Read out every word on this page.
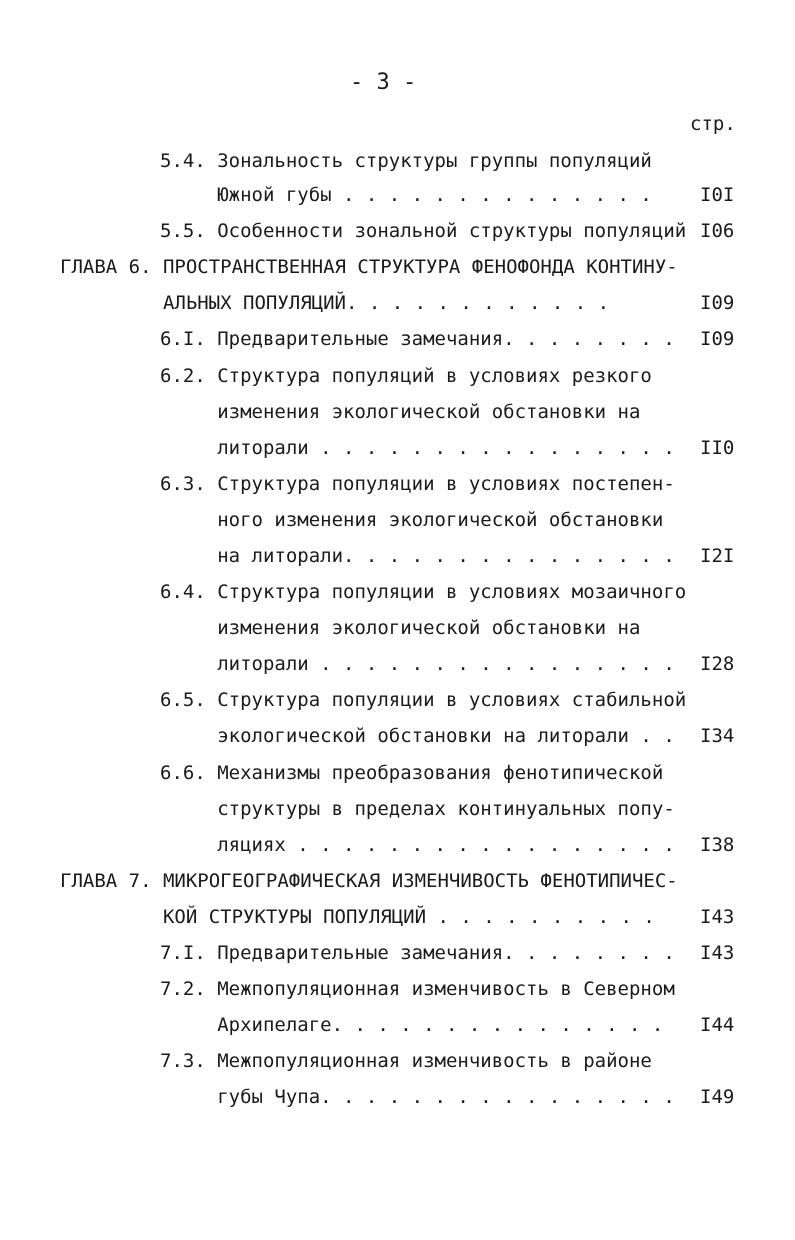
- 3 -
стр.
5.4. Зональность структуры группы популяций
Южной губы . . . . . . . . . . . . . .	I0I
5.5. Особенности зональной структуры популяций I06
ГЛАВА 6. ПРОСТРАНСТВЕННАЯ СТРУКТУРА ФЕНОФОНДА КОНТИНУ-
АЛЬНЫХ ПОПУЛЯЦИЙ. . . . . . . . . . . .	I09
6.I. Предварительные замечания. . . . . . . . I09
6.2. Структура популяций в условиях резкого
изменения экологической обстановки на
литорали . . . . . . . . . . . . . . . . II0
6.3. Структура популяции в условиях постепен-
ного изменения экологической обстановки
на литорали. . . . . . . . . . . . . . . I2I
6.4. Структура популяции в условиях мозаичного
изменения экологической обстановки на
литорали . . . . . . . . . . . . . . . . I28
6.5. Структура популяции в условиях стабильной
экологической обстановки на литорали . . I34
6.6. Механизмы преобразования фенотипической
структуры в пределах континуальных попу-
ляциях . . . . . . . . . . . . . . . . . I38
ГЛАВА 7. МИКРОГЕОГРАФИЧЕСКАЯ ИЗМЕНЧИВОСТЬ ФЕНОТИПИЧЕС-
КОЙ СТРУКТУРЫ ПОПУЛЯЦИЙ . . . . . . . . . . I43
7.I. Предварительные замечания. . . . . . . . I43
7.2. Межпопуляционная изменчивость в Северном
Архипелаге. . . . . . . . . . . . . . . I44
7.3. Межпопуляционная изменчивость в районе
губы Чупа. . . . . . . . . . . . . . . . I49
